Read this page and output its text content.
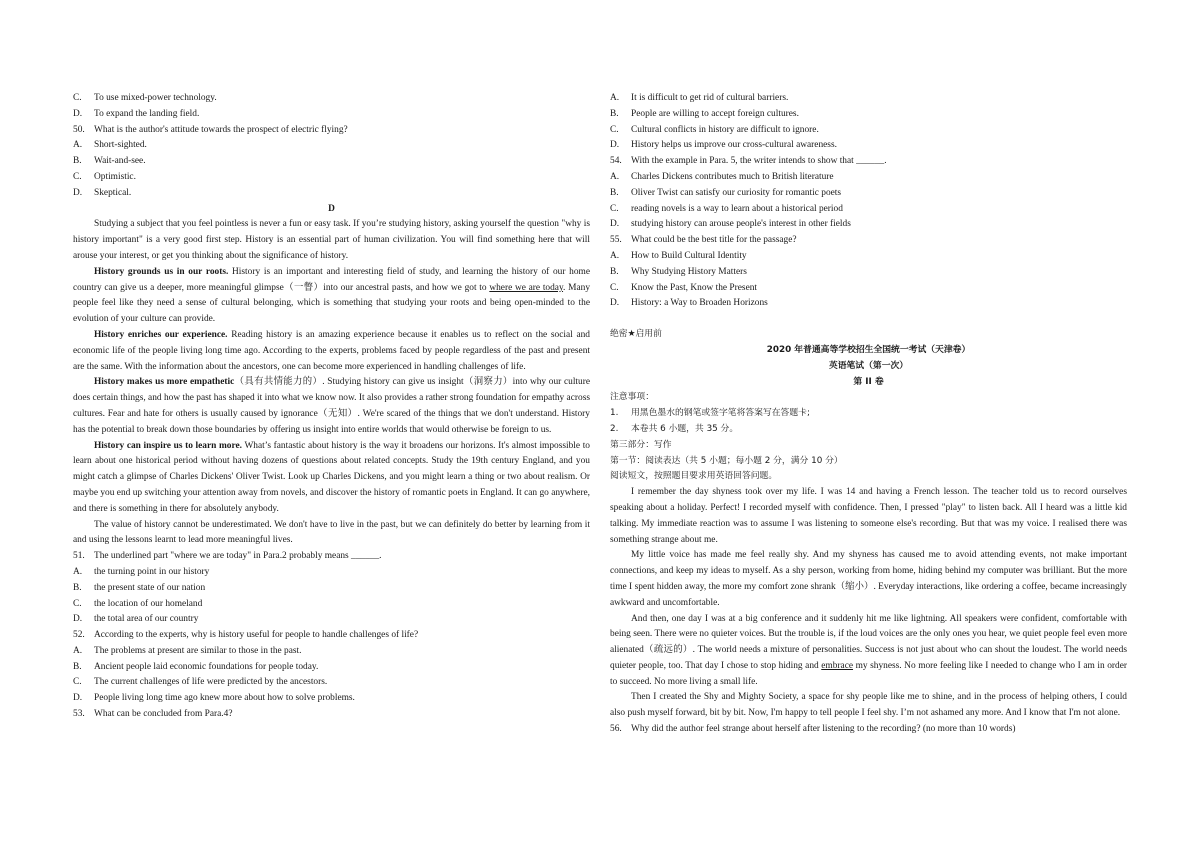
C. To use mixed-power technology.
D. To expand the landing field.
50. What is the author's attitude towards the prospect of electric flying?
A. Short-sighted.
B. Wait-and-see.
C. Optimistic.
D. Skeptical.
D

Studying a subject that you feel pointless is never a fun or easy task. If you’re studying history, asking yourself the question "why is history important" is a very good first step. History is an essential part of human civilization. You will find something here that will arouse your interest, or get you thinking about the significance of history.

History grounds us in our roots. History is an important and interesting field of study, and learning the history of our home country can give us a deeper, more meaningful glimpse（一瞥）into our ancestral pasts, and how we got to where we are today. Many people feel like they need a sense of cultural belonging, which is something that studying your roots and being open-minded to the evolution of your culture can provide.

History enriches our experience. Reading history is an amazing experience because it enables us to reflect on the social and economic life of the people living long time ago. According to the experts, problems faced by people regardless of the past and present are the same. With the information about the ancestors, one can become more experienced in handling challenges of life.

History makes us more empathetic（具有共情能力的）. Studying history can give us insight（洞察力）into why our culture does certain things, and how the past has shaped it into what we know now. It also provides a rather strong foundation for empathy across cultures. Fear and hate for others is usually caused by ignorance（无知）. We're scared of the things that we don't understand. History has the potential to break down those boundaries by offering us insight into entire worlds that would otherwise be foreign to us.

History can inspire us to learn more. What’s fantastic about history is the way it broadens our horizons. It's almost impossible to learn about one historical period without having dozens of questions about related concepts. Study the 19th century England, and you might catch a glimpse of Charles Dickens' Oliver Twist. Look up Charles Dickens, and you might learn a thing or two about realism. Or maybe you end up switching your attention away from novels, and discover the history of romantic poets in England. It can go anywhere, and there is something in there for absolutely anybody.

The value of history cannot be underestimated. We don't have to live in the past, but we can definitely do better by learning from it and using the lessons learnt to lead more meaningful lives.

51. The underlined part "where we are today" in Para.2 probably means ______.
A. the turning point in our history
B. the present state of our nation
C. the location of our homeland
D. the total area of our country
52. According to the experts, why is history useful for people to handle challenges of life?
A. The problems at present are similar to those in the past.
B. Ancient people laid economic foundations for people today.
C. The current challenges of life were predicted by the ancestors.
D. People living long time ago knew more about how to solve problems.
53. What can be concluded from Para.4?
A. It is difficult to get rid of cultural barriers.
B. People are willing to accept foreign cultures.
C. Cultural conflicts in history are difficult to ignore.
D. History helps us improve our cross-cultural awareness.
54. With the example in Para. 5, the writer intends to show that ______.
A. Charles Dickens contributes much to British literature
B. Oliver Twist can satisfy our curiosity for romantic poets
C. reading novels is a way to learn about a historical period
D. studying history can arouse people's interest in other fields
55. What could be the best title for the passage?
A. How to Build Cultural Identity
B. Why Studying History Matters
C. Know the Past, Know the Present
D. History: a Way to Broaden Horizons
绝密★启用前
2020 年普通高等学校招生全国统一考试（天津卷）
英语笔试（第一次）
第 II 卷
注意事项：
1. 用黑色墨水的钢笔或签字笔将答案写在答题卡;
2. 本卷共 6 小题，共 35 分。
第三部分：写作
第一节：阅读表达（共 5 小题；每小题 2 分，满分 10 分）
阅读短文，按照题目要求用英语回答问题。

I remember the day shyness took over my life. I was 14 and having a French lesson. The teacher told us to record ourselves speaking about a holiday. Perfect! I recorded myself with confidence. Then, I pressed "play" to listen back. All I heard was a little kid talking. My immediate reaction was to assume I was listening to someone else's recording. But that was my voice. I realised there was something strange about me.

My little voice has made me feel really shy. And my shyness has caused me to avoid attending events, not make important connections, and keep my ideas to myself. As a shy person, working from home, hiding behind my computer was brilliant. But the more time I spent hidden away, the more my comfort zone shrank（缩小）. Everyday interactions, like ordering a coffee, became increasingly awkward and uncomfortable.

And then, one day I was at a big conference and it suddenly hit me like lightning. All speakers were confident, comfortable with being seen. There were no quieter voices. But the trouble is, if the loud voices are the only ones you hear, we quiet people feel even more alienated（疏远的）. The world needs a mixture of personalities. Success is not just about who can shout the loudest. The world needs quieter people, too. That day I chose to stop hiding and embrace my shyness. No more feeling like I needed to change who I am in order to succeed. No more living a small life.

Then I created the Shy and Mighty Society, a space for shy people like me to shine, and in the process of helping others, I could also push myself forward, bit by bit. Now, I'm happy to tell people I feel shy. I’m not ashamed any more. And I know that I'm not alone.

56. Why did the author feel strange about herself after listening to the recording? (no more than 10 words)
